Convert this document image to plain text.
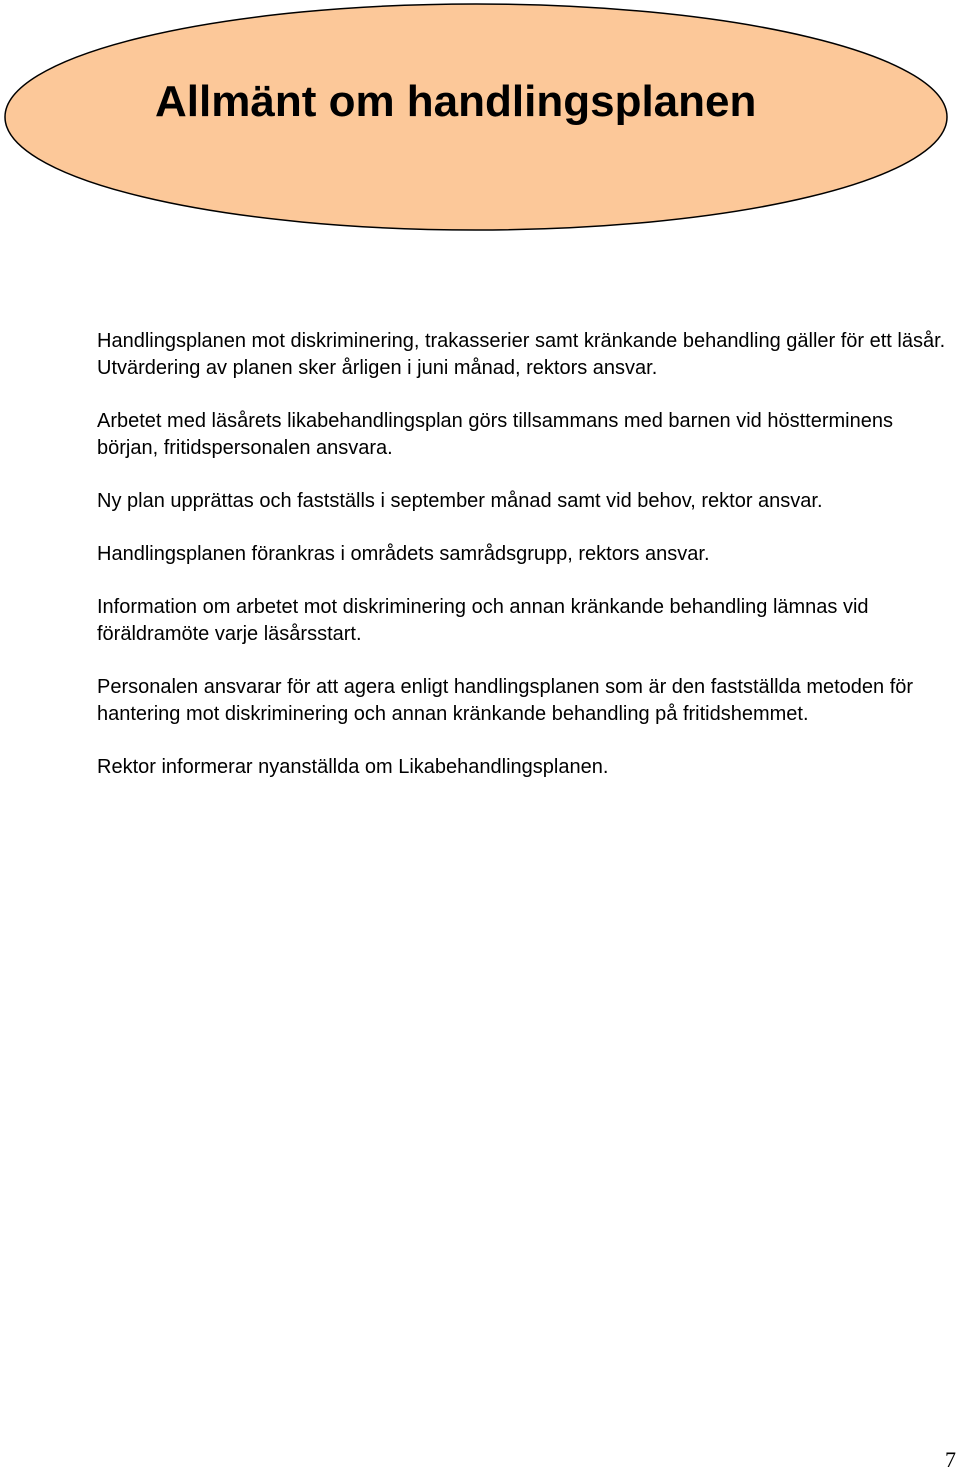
Allmänt om handlingsplanen

Handlingsplanen mot diskriminering, trakasserier samt kränkande behandling gäller för ett läsår. Utvärdering av planen sker årligen i juni månad, rektors ansvar.

Arbetet med läsårets likabehandlingsplan görs tillsammans med barnen vid höstterminens början, fritidspersonalen ansvara.

Ny plan upprättas och fastställs i september månad samt vid behov, rektor ansvar.

Handlingsplanen förankras i områdets samrådsgrupp, rektors ansvar.

Information om arbetet mot diskriminering och annan kränkande behandling lämnas vid föräldramöte varje läsårsstart.

Personalen ansvarar för att agera enligt handlingsplanen som är den fastställda metoden för hantering mot diskriminering och annan kränkande behandling på fritidshemmet.

Rektor informerar nyanställda om Likabehandlingsplanen.

7
